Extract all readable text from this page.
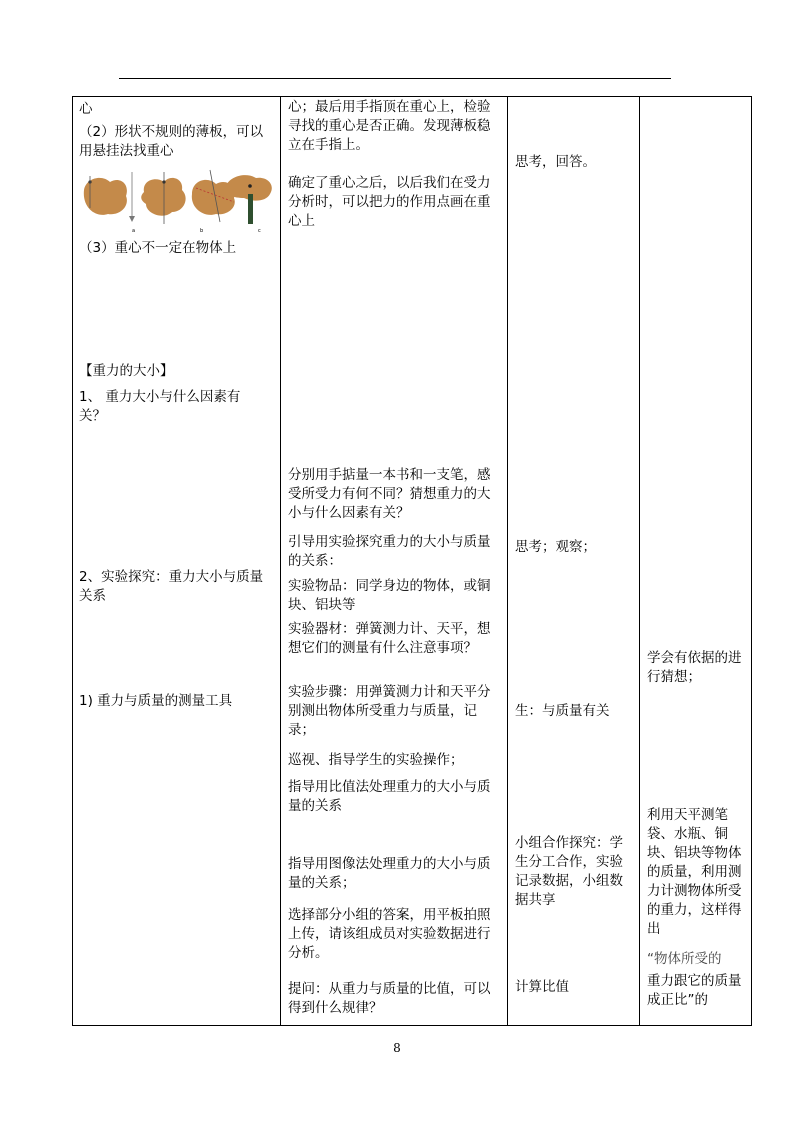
心

（2）形状不规则的薄板，可以用悬挂法找重心

a	b	c

（3）重心不一定在物体上

【重力的大小】

1、 重力大小与什么因素有关？

2、实验探究：重力大小与质量关系

1) 重力与质量的测量工具

心；最后用手指顶在重心上，检验寻找的重心是否正确。发现薄板稳立在手指上。

确定了重心之后，以后我们在受力分析时，可以把力的作用点画在重心上

分别用手掂量一本书和一支笔，感受所受力有何不同？猜想重力的大小与什么因素有关？

引导用实验探究重力的大小与质量的关系：

实验物品：同学身边的物体，或铜块、铝块等

实验器材：弹簧测力计、天平，想想它们的测量有什么注意事项？

实验步骤：用弹簧测力计和天平分别测出物体所受重力与质量，记录；

巡视、指导学生的实验操作；

指导用比值法处理重力的大小与质量的关系

指导用图像法处理重力的大小与质量的关系；

选择部分小组的答案，用平板拍照上传，请该组成员对实验数据进行分析。

提问：从重力与质量的比值，可以得到什么规律？

思考，回答。

思考；观察；

生：与质量有关

小组合作探究：学生分工合作，实验记录数据，小组数据共享

计算比值

学会有依据的进行猜想；

利用天平测笔袋、水瓶、铜块、铝块等物体的质量，利用测力计测物体所受的重力，这样得出

“物体所受的

重力跟它的质量成正比”的

8
